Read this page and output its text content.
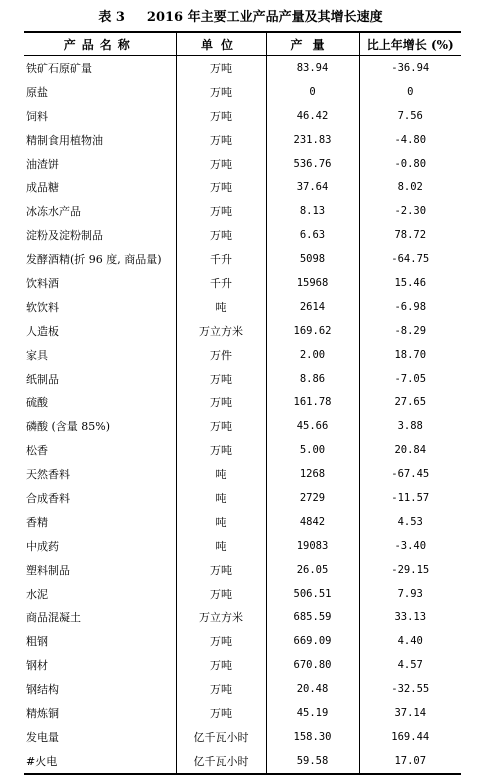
表 3 2016 年主要工业产品产量及其增长速度
产品名称	单位	产量	比上年增长 (%)
铁矿石原矿量	万吨	83.94	-36.94
原盐	万吨	0	0
饲料	万吨	46.42	7.56
精制食用植物油	万吨	231.83	-4.80
油渣饼	万吨	536.76	-0.80
成品糖	万吨	37.64	8.02
冰冻水产品	万吨	8.13	-2.30
淀粉及淀粉制品	万吨	6.63	78.72
发酵酒精(折 96 度, 商品量)	千升	5098	-64.75
饮料酒	千升	15968	15.46
软饮料	吨	2614	-6.98
人造板	万立方米	169.62	-8.29
家具	万件	2.00	18.70
纸制品	万吨	8.86	-7.05
硫酸	万吨	161.78	27.65
磷酸 (含量 85%)	万吨	45.66	3.88
松香	万吨	5.00	20.84
天然香料	吨	1268	-67.45
合成香料	吨	2729	-11.57
香精	吨	4842	4.53
中成药	吨	19083	-3.40
塑料制品	万吨	26.05	-29.15
水泥	万吨	506.51	7.93
商品混凝土	万立方米	685.59	33.13
粗钢	万吨	669.09	4.40
钢材	万吨	670.80	4.57
钢结构	万吨	20.48	-32.55
精炼铜	万吨	45.19	37.14
发电量	亿千瓦小时	158.30	169.44
#火电	亿千瓦小时	59.58	17.07
